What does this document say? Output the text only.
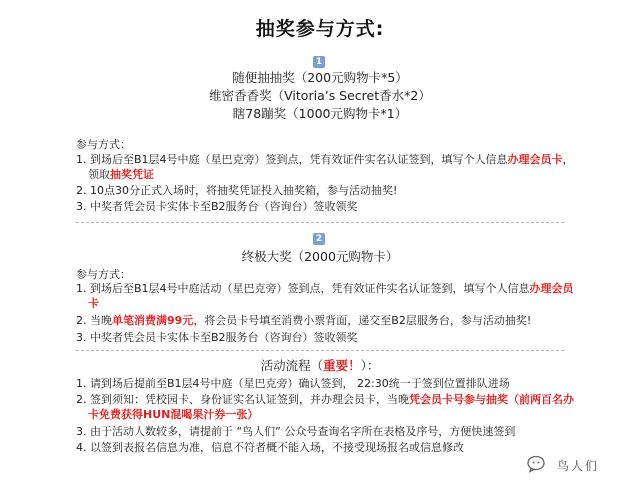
抽奖参与方式:
1
随便抽抽奖（200元购物卡*5）
维密香香奖（Vitoria’s Secret香水*2）
瞎78蹦奖（1000元购物卡*1）
参与方式：
1. 到场后至B1层4号中庭（星巴克旁）签到点，凭有效证件实名认证签到，填写个人信息办理会员卡，
领取抽奖凭证
2. 10点30分正式入场时，将抽奖凭证投入抽奖箱，参与活动抽奖!
3. 中奖者凭会员卡实体卡至B2服务台（咨询台）签收领奖
2
终极大奖（2000元购物卡）
参与方式：
1. 到场后至B1层4号中庭活动（星巴克旁）签到点，凭有效证件实名认证签到，填写个人信息办理会员
卡
2. 当晚单笔消费满99元，将会员卡号填至消费小票背面，递交至B2层服务台，参与活动抽奖!
3. 中奖者凭会员卡实体卡至B2服务台（咨询台）签收领奖
活动流程（重要！）：
1. 请到场后提前至B1层4号中庭（星巴克旁）确认签到， 22:30统一于签到位置排队进场
2. 签到须知：凭校园卡、身份证实名认证签到，并办理会员卡，当晚凭会员卡号参与抽奖（前两百名办
卡免费获得HUN混喝果汁券一张）
3. 由于活动人数较多，请提前于 “鸟人们” 公众号查询名字所在表格及序号，方便快速签到
4. 以签到表报名信息为准，信息不符者概不能入场，不接受现场报名或信息修改
鸟人们
